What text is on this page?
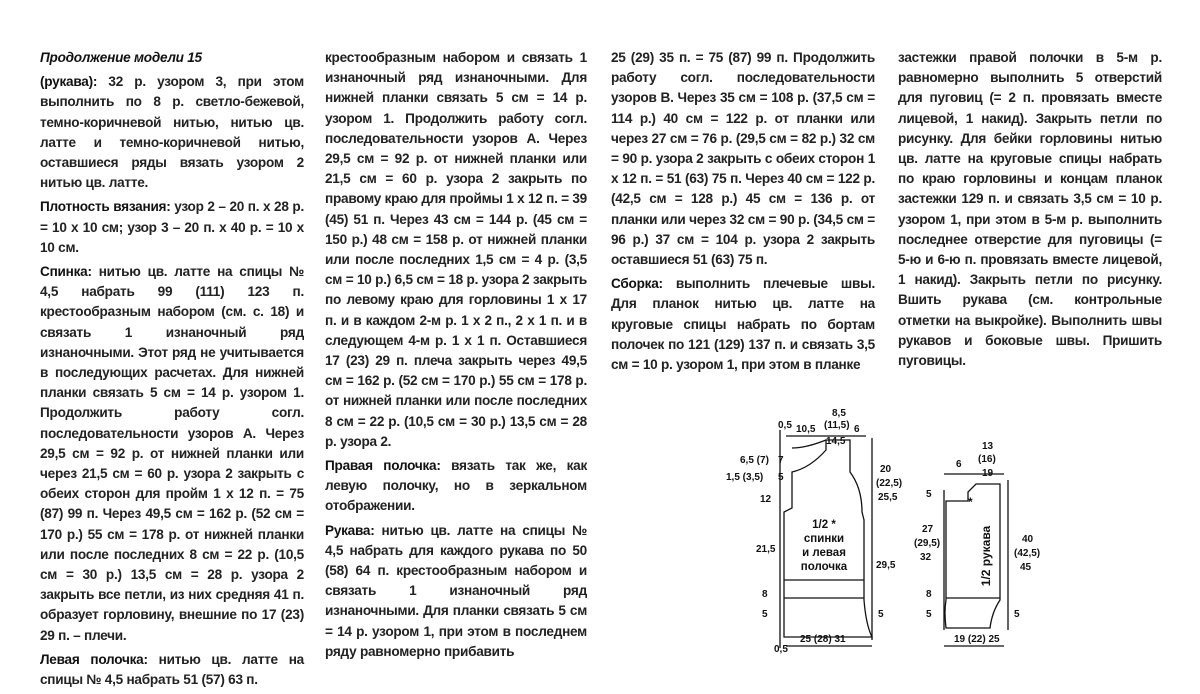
Продолжение модели 15
(рукава): 32 р. узором 3, при этом выполнить по 8 р. светло-бежевой, темно-коричневой нитью, нитью цв. латте и темно-коричневой нитью, оставшиеся ряды вязать узором 2 нитью цв. латте.
Плотность вязания: узор 2 – 20 п. х 28 р. = 10 х 10 см; узор 3 – 20 п. х 40 р. = 10 х 10 см.
Спинка: нитью цв. латте на спицы № 4,5 набрать 99 (111) 123 п. крестообразным набором (см. с. 18) и связать 1 изнаночный ряд изнаночными. Этот ряд не учитывается в последующих расчетах. Для нижней планки связать 5 см = 14 р. узором 1. Продолжить работу согл. последовательности узоров А. Через 29,5 см = 92 р. от нижней планки или через 21,5 см = 60 р. узора 2 закрыть с обеих сторон для пройм 1 х 12 п. = 75 (87) 99 п. Через 49,5 см = 162 р. (52 см = 170 р.) 55 см = 178 р. от нижней планки или после последних 8 см = 22 р. (10,5 см = 30 р.) 13,5 см = 28 р. узора 2 закрыть все петли, из них средняя 41 п. образует горловину, внешние по 17 (23) 29 п. – плечи.
Левая полочка: нитью цв. латте на спицы № 4,5 набрать 51 (57) 63 п.
крестообразным набором и связать 1 изнаночный ряд изнаночными. Для нижней планки связать 5 см = 14 р. узором 1. Продолжить работу согл. последовательности узоров А. Через 29,5 см = 92 р. от нижней планки или 21,5 см = 60 р. узора 2 закрыть по правому краю для проймы 1 х 12 п. = 39 (45) 51 п. Через 43 см = 144 р. (45 см = 150 р.) 48 см = 158 р. от нижней планки или после последних 1,5 см = 4 р. (3,5 см = 10 р.) 6,5 см = 18 р. узора 2 закрыть по левому краю для горловины 1 х 17 п. и в каждом 2-м р. 1 х 2 п., 2 х 1 п. и в следующем 4-м р. 1 х 1 п. Оставшиеся 17 (23) 29 п. плеча закрыть через 49,5 см = 162 р. (52 см = 170 р.) 55 см = 178 р. от нижней планки или после последних 8 см = 22 р. (10,5 см = 30 р.) 13,5 см = 28 р. узора 2.
Правая полочка: вязать так же, как левую полочку, но в зеркальном отображении.
Рукава: нитью цв. латте на спицы № 4,5 набрать для каждого рукава по 50 (58) 64 п. крестообразным набором и связать 1 изнаночный ряд изнаночными. Для планки связать 5 см = 14 р. узором 1, при этом в последнем ряду равномерно прибавить
25 (29) 35 п. = 75 (87) 99 п. Продолжить работу согл. последовательности узоров В. Через 35 см = 108 р. (37,5 см = 114 р.) 40 см = 122 р. от планки или через 27 см = 76 р. (29,5 см = 82 р.) 32 см = 90 р. узора 2 закрыть с обеих сторон 1 х 12 п. = 51 (63) 75 п. Через 40 см = 122 р. (42,5 см = 128 р.) 45 см = 136 р. от планки или через 32 см = 90 р. (34,5 см = 96 р.) 37 см = 104 р. узора 2 закрыть оставшиеся 51 (63) 75 п.
Сборка: выполнить плечевые швы. Для планок нитью цв. латте на круговые спицы набрать по бортам полочек по 121 (129) 137 п. и связать 3,5 см = 10 р. узором 1, при этом в планке
застежки правой полочки в 5-м р. равномерно выполнить 5 отверстий для пуговиц (= 2 п. провязать вместе лицевой, 1 накид). Закрыть петли по рисунку. Для бейки горловины нитью цв. латте на круговые спицы набрать по краю горловины и концам планок застежки 129 п. и связать 3,5 см = 10 р. узором 1, при этом в 5-м р. выполнить последнее отверстие для пуговицы (= 5-ю и 6-ю п. провязать вместе лицевой, 1 накид). Закрыть петли по рисунку. Вшить рукава (см. контрольные отметки на выкройке). Выполнить швы рукавов и боковые швы. Пришить пуговицы.
1/2 *
спинки
и левая
полочка
0,5 10,5
8,5
(11,5) 6
14,5
6,5 (7) 7
1,5 (3,5) 5
12
21,5
8
5
20
(22,5)
25,5
29,5
5
0,5
25 (28) 31
1/2 рукава
*
6
13
(16)
19
5
27
(29,5)
32
8
5
40
(42,5)
45
5
19 (22) 25
